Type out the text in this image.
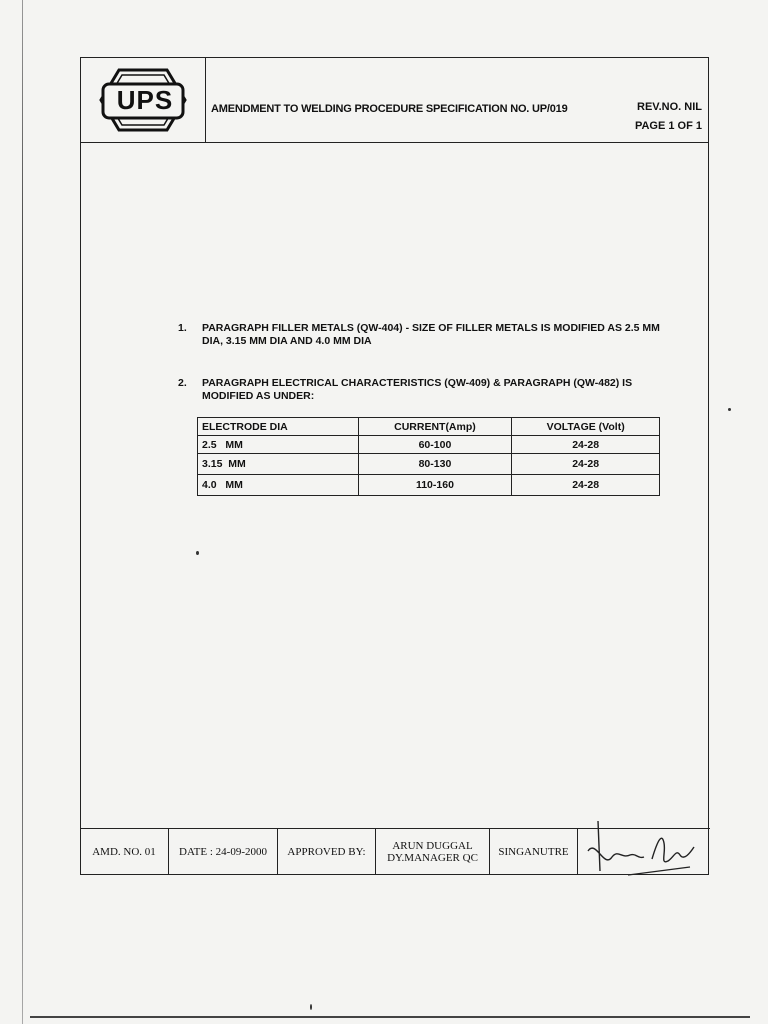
UPS	AMENDMENT TO WELDING PROCEDURE SPECIFICATION NO. UP/019	REV.NO. NIL
PAGE 1 OF 1
1. PARAGRAPH FILLER METALS (QW-404) - SIZE OF FILLER METALS IS MODIFIED AS 2.5 MM DIA, 3.15 MM DIA AND 4.0 MM DIA
2. PARAGRAPH ELECTRICAL CHARACTERISTICS (QW-409) & PARAGRAPH (QW-482) IS MODIFIED AS UNDER:
ELECTRODE DIA	CURRENT(Amp)	VOLTAGE (Volt)
2.5   MM	60-100	24-28
3.15  MM	80-130	24-28
4.0   MM	110-160	24-28
AMD. NO. 01	DATE : 24-09-2000	APPROVED BY:	ARUN DUGGAL
DY.MANAGER QC	SINGANUTRE
